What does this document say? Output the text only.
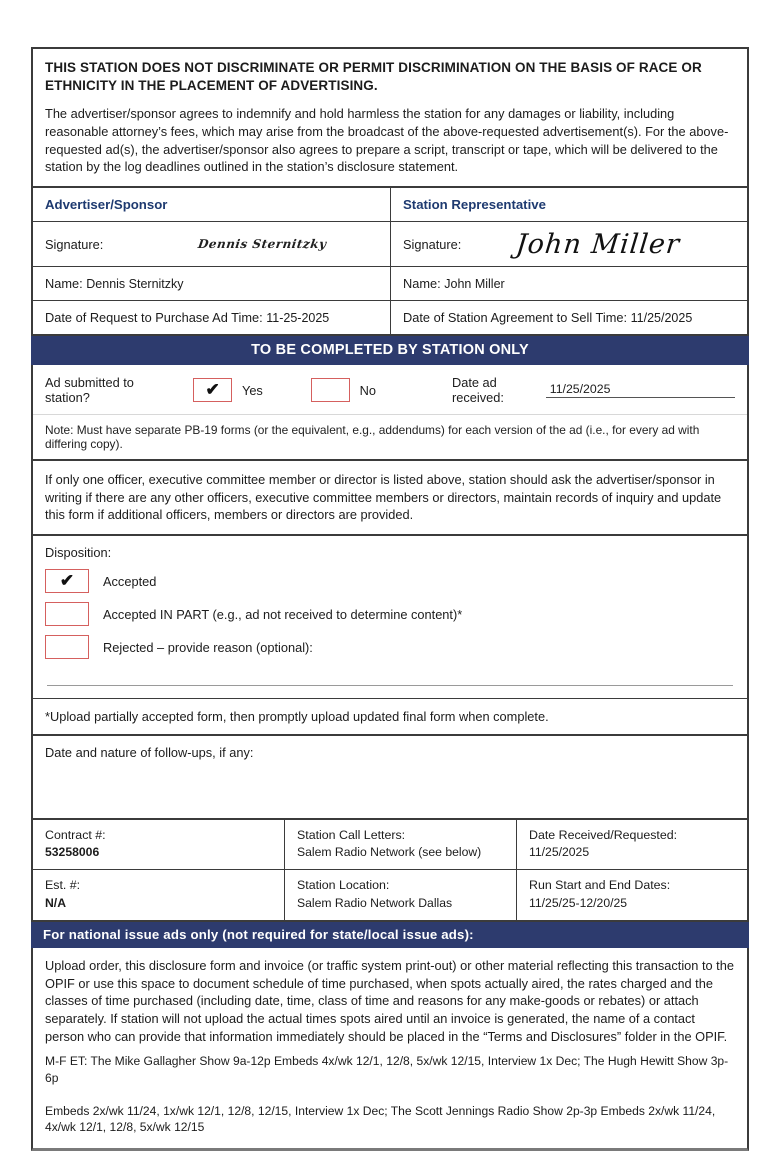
THIS STATION DOES NOT DISCRIMINATE OR PERMIT DISCRIMINATION ON THE BASIS OF RACE OR ETHNICITY IN THE PLACEMENT OF ADVERTISING.
The advertiser/sponsor agrees to indemnify and hold harmless the station for any damages or liability, including reasonable attorney’s fees, which may arise from the broadcast of the above-requested advertisement(s). For the above-requested ad(s), the advertiser/sponsor also agrees to prepare a script, transcript or tape, which will be delivered to the station by the log deadlines outlined in the station’s disclosure statement.
Advertiser/Sponsor	Station Representative
Signature:	Dennis Sternitzky	Signature: John Miller
Name: Dennis Sternitzky	Name: John Miller
Date of Request to Purchase Ad Time: 11-25-2025	Date of Station Agreement to Sell Time: 11/25/2025
TO BE COMPLETED BY STATION ONLY
Ad submitted to station?	✔	Yes	No	Date ad received:
11/25/2025
Note: Must have separate PB-19 forms (or the equivalent, e.g., addendums) for each version of the ad (i.e., for every ad with differing copy).
If only one officer, executive committee member or director is listed above, station should ask the advertiser/sponsor in writing if there are any other officers, executive committee members or directors, maintain records of inquiry and update this form if additional officers, members or directors are provided.
Disposition:
✔	Accepted
Accepted IN PART (e.g., ad not received to determine content)*
Rejected – provide reason (optional):
*Upload partially accepted form, then promptly upload updated final form when complete.
Date and nature of follow-ups, if any:
Contract #:
53258006
Station Call Letters:
Salem Radio Network (see below)
Date Received/Requested:
11/25/2025
Est. #:
N/A
Station Location:
Salem Radio Network Dallas
Run Start and End Dates:
11/25/25-12/20/25
For national issue ads only (not required for state/local issue ads):
Upload order, this disclosure form and invoice (or traffic system print-out) or other material reflecting this transaction to the OPIF or use this space to document schedule of time purchased, when spots actually aired, the rates charged and the classes of time purchased (including date, time, class of time and reasons for any make-goods or rebates) or attach separately. If station will not upload the actual times spots aired until an invoice is generated, the name of a contact person who can provide that information immediately should be placed in the “Terms and Disclosures” folder in the OPIF.
M-F ET: The Mike Gallagher Show 9a-12p Embeds 4x/wk 12/1, 12/8, 5x/wk 12/15, Interview 1x Dec; The Hugh Hewitt Show 3p-6p
Embeds 2x/wk 11/24, 1x/wk 12/1, 12/8, 12/15, Interview 1x Dec; The Scott Jennings Radio Show 2p-3p Embeds 2x/wk 11/24, 4x/wk 12/1, 12/8, 5x/wk 12/15
